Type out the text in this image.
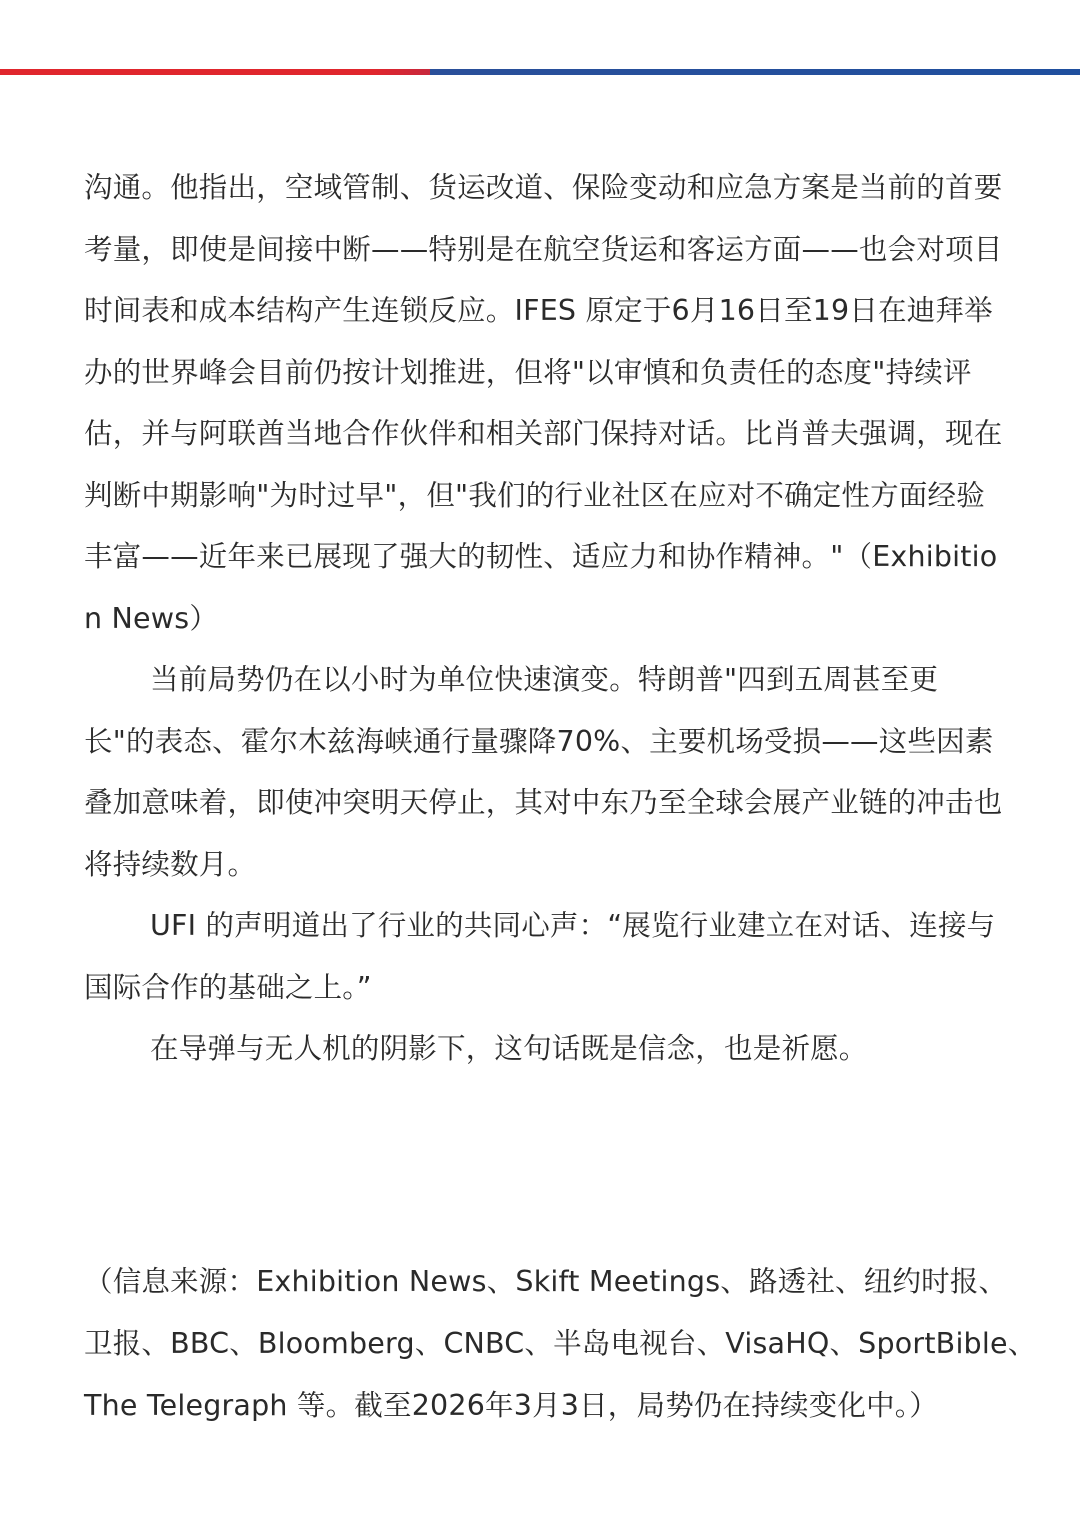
沟通。他指出，空域管制、货运改道、保险变动和应急方案是当前的首要考量，即使是间接中断——特别是在航空货运和客运方面——也会对项目时间表和成本结构产生连锁反应。IFES 原定于6月16日至19日在迪拜举办的世界峰会目前仍按计划推进，但将"以审慎和负责任的态度"持续评估，并与阿联酋当地合作伙伴和相关部门保持对话。比肖普夫强调，现在判断中期影响"为时过早"，但"我们的行业社区在应对不确定性方面经验丰富——近年来已展现了强大的韧性、适应力和协作精神。"（Exhibition News）

当前局势仍在以小时为单位快速演变。特朗普"四到五周甚至更长"的表态、霍尔木兹海峡通行量骤降70%、主要机场受损——这些因素叠加意味着，即使冲突明天停止，其对中东乃至全球会展产业链的冲击也将持续数月。

UFI 的声明道出了行业的共同心声：“展览行业建立在对话、连接与国际合作的基础之上。”

在导弹与无人机的阴影下，这句话既是信念，也是祈愿。

（信息来源：Exhibition News、Skift Meetings、路透社、纽约时报、
卫报、BBC、Bloomberg、CNBC、半岛电视台、VisaHQ、SportBible、
The Telegraph 等。截至2026年3月3日，局势仍在持续变化中。）
